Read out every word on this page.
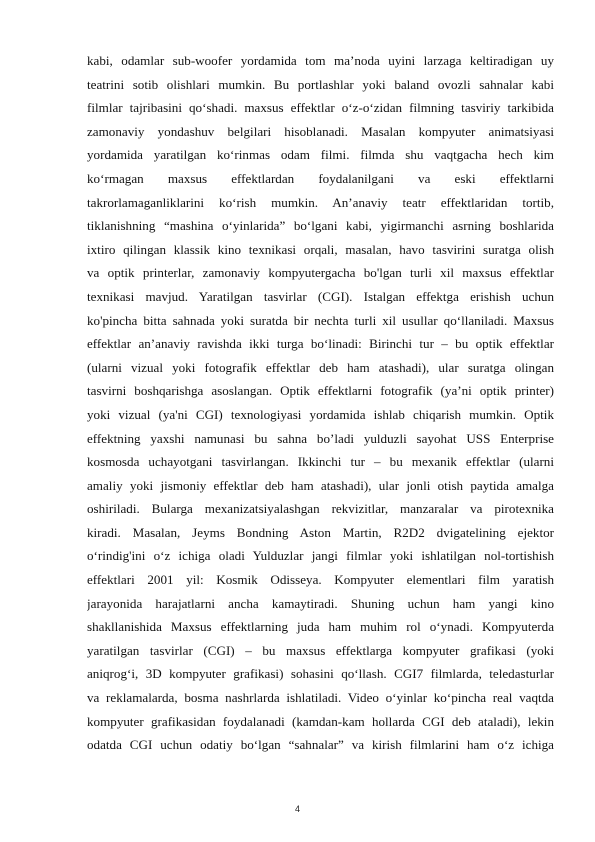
kabi, odamlar sub-woofer yordamida tom ma’noda uyini larzaga keltiradigan uy
teatrini sotib olishlari mumkin. Bu portlashlar yoki baland ovozli sahnalar kabi
filmlar tajribasini qo‘shadi. maxsus effektlar o‘z-o‘zidan filmning tasviriy tarkibida
zamonaviy yondashuv belgilari hisoblanadi. Masalan kompyuter animatsiyasi
yordamida yaratilgan ko‘rinmas odam filmi. filmda shu vaqtgacha hech kim
ko‘rmagan maxsus effektlardan foydalanilgani va eski effektlarni
takrorlamaganliklarini ko‘rish mumkin. An’anaviy teatr effektlaridan tortib,
tiklanishning “mashina o‘yinlarida” bo‘lgani kabi, yigirmanchi asrning boshlarida
ixtiro qilingan klassik kino texnikasi orqali, masalan, havo tasvirini suratga olish
va optik printerlar, zamonaviy kompyutergacha bo'lgan turli xil maxsus effektlar
texnikasi mavjud. Yaratilgan tasvirlar (CGI). Istalgan effektga erishish uchun
ko'pincha bitta sahnada yoki suratda bir nechta turli xil usullar qo‘llaniladi. Maxsus
effektlar an’anaviy ravishda ikki turga bo‘linadi: Birinchi tur – bu optik effektlar
(ularni vizual yoki fotografik effektlar deb ham atashadi), ular suratga olingan
tasvirni boshqarishga asoslangan. Optik effektlarni fotografik (ya’ni optik printer)
yoki vizual (ya'ni CGI) texnologiyasi yordamida ishlab chiqarish mumkin. Optik
effektning yaxshi namunasi bu sahna bo’ladi yulduzli sayohat USS Enterprise
kosmosda uchayotgani tasvirlangan. Ikkinchi tur – bu mexanik effektlar (ularni
amaliy yoki jismoniy effektlar deb ham atashadi), ular jonli otish paytida amalga
oshiriladi. Bularga mexanizatsiyalashgan rekvizitlar, manzaralar va pirotexnika
kiradi. Masalan, Jeyms Bondning Aston Martin, R2D2 dvigatelining ejektor
o‘rindig'ini o‘z ichiga oladi Yulduzlar jangi filmlar yoki ishlatilgan nol-tortishish
effektlari 2001 yil: Kosmik Odisseya. Kompyuter elementlari film yaratish
jarayonida harajatlarni ancha kamaytiradi. Shuning uchun ham yangi kino
shakllanishida Maxsus effektlarning juda ham muhim rol o‘ynadi. Kompyuterda
yaratilgan tasvirlar (CGI) – bu maxsus effektlarga kompyuter grafikasi (yoki
aniqrog‘i, 3D kompyuter grafikasi) sohasini qo‘llash. CGI7 filmlarda, teledasturlar
va reklamalarda, bosma nashrlarda ishlatiladi. Video o‘yinlar ko‘pincha real vaqtda
kompyuter grafikasidan foydalanadi (kamdan-kam hollarda CGI deb ataladi), lekin
odatda CGI uchun odatiy bo‘lgan “sahnalar” va kirish filmlarini ham o‘z ichiga
4
